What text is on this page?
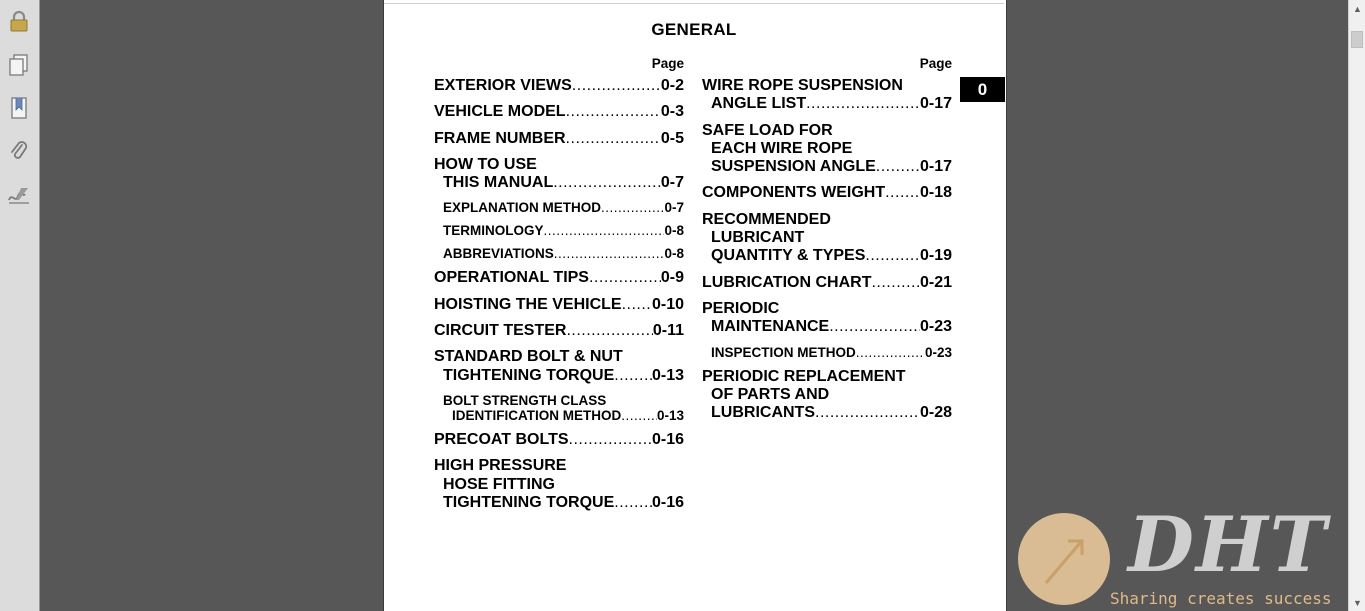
GENERAL
Page
EXTERIOR VIEWS .....	0-2
VEHICLE MODEL .....	0-3
FRAME NUMBER .....	0-5
HOW TO USE
THIS MANUAL .....	0-7
EXPLANATION METHOD .....	0-7
TERMINOLOGY .....	0-8
ABBREVIATIONS .....	0-8
OPERATIONAL TIPS .....	0-9
HOISTING THE VEHICLE ..... 0-10
CIRCUIT TESTER .....	0-11
STANDARD BOLT & NUT
TIGHTENING TORQUE ..... 0-13
BOLT STRENGTH CLASS
IDENTIFICATION METHOD .....	0-13
PRECOAT BOLTS .....	0-16
HIGH PRESSURE
HOSE FITTING
TIGHTENING TORQUE ..... 0-16
Page
WIRE ROPE SUSPENSION
ANGLE LIST .....	0-17
SAFE LOAD FOR
EACH WIRE ROPE
SUSPENSION ANGLE .....	0-17
COMPONENTS WEIGHT ..... 0-18
RECOMMENDED
LUBRICANT
QUANTITY & TYPES .....	0-19
LUBRICATION CHART .....	0-21
PERIODIC
MAINTENANCE .....	0-23
INSPECTION METHOD .....	0-23
PERIODIC REPLACEMENT
OF PARTS AND
LUBRICANTS .....	0-28
0
▲
▼
DHT
Sharing creates success
